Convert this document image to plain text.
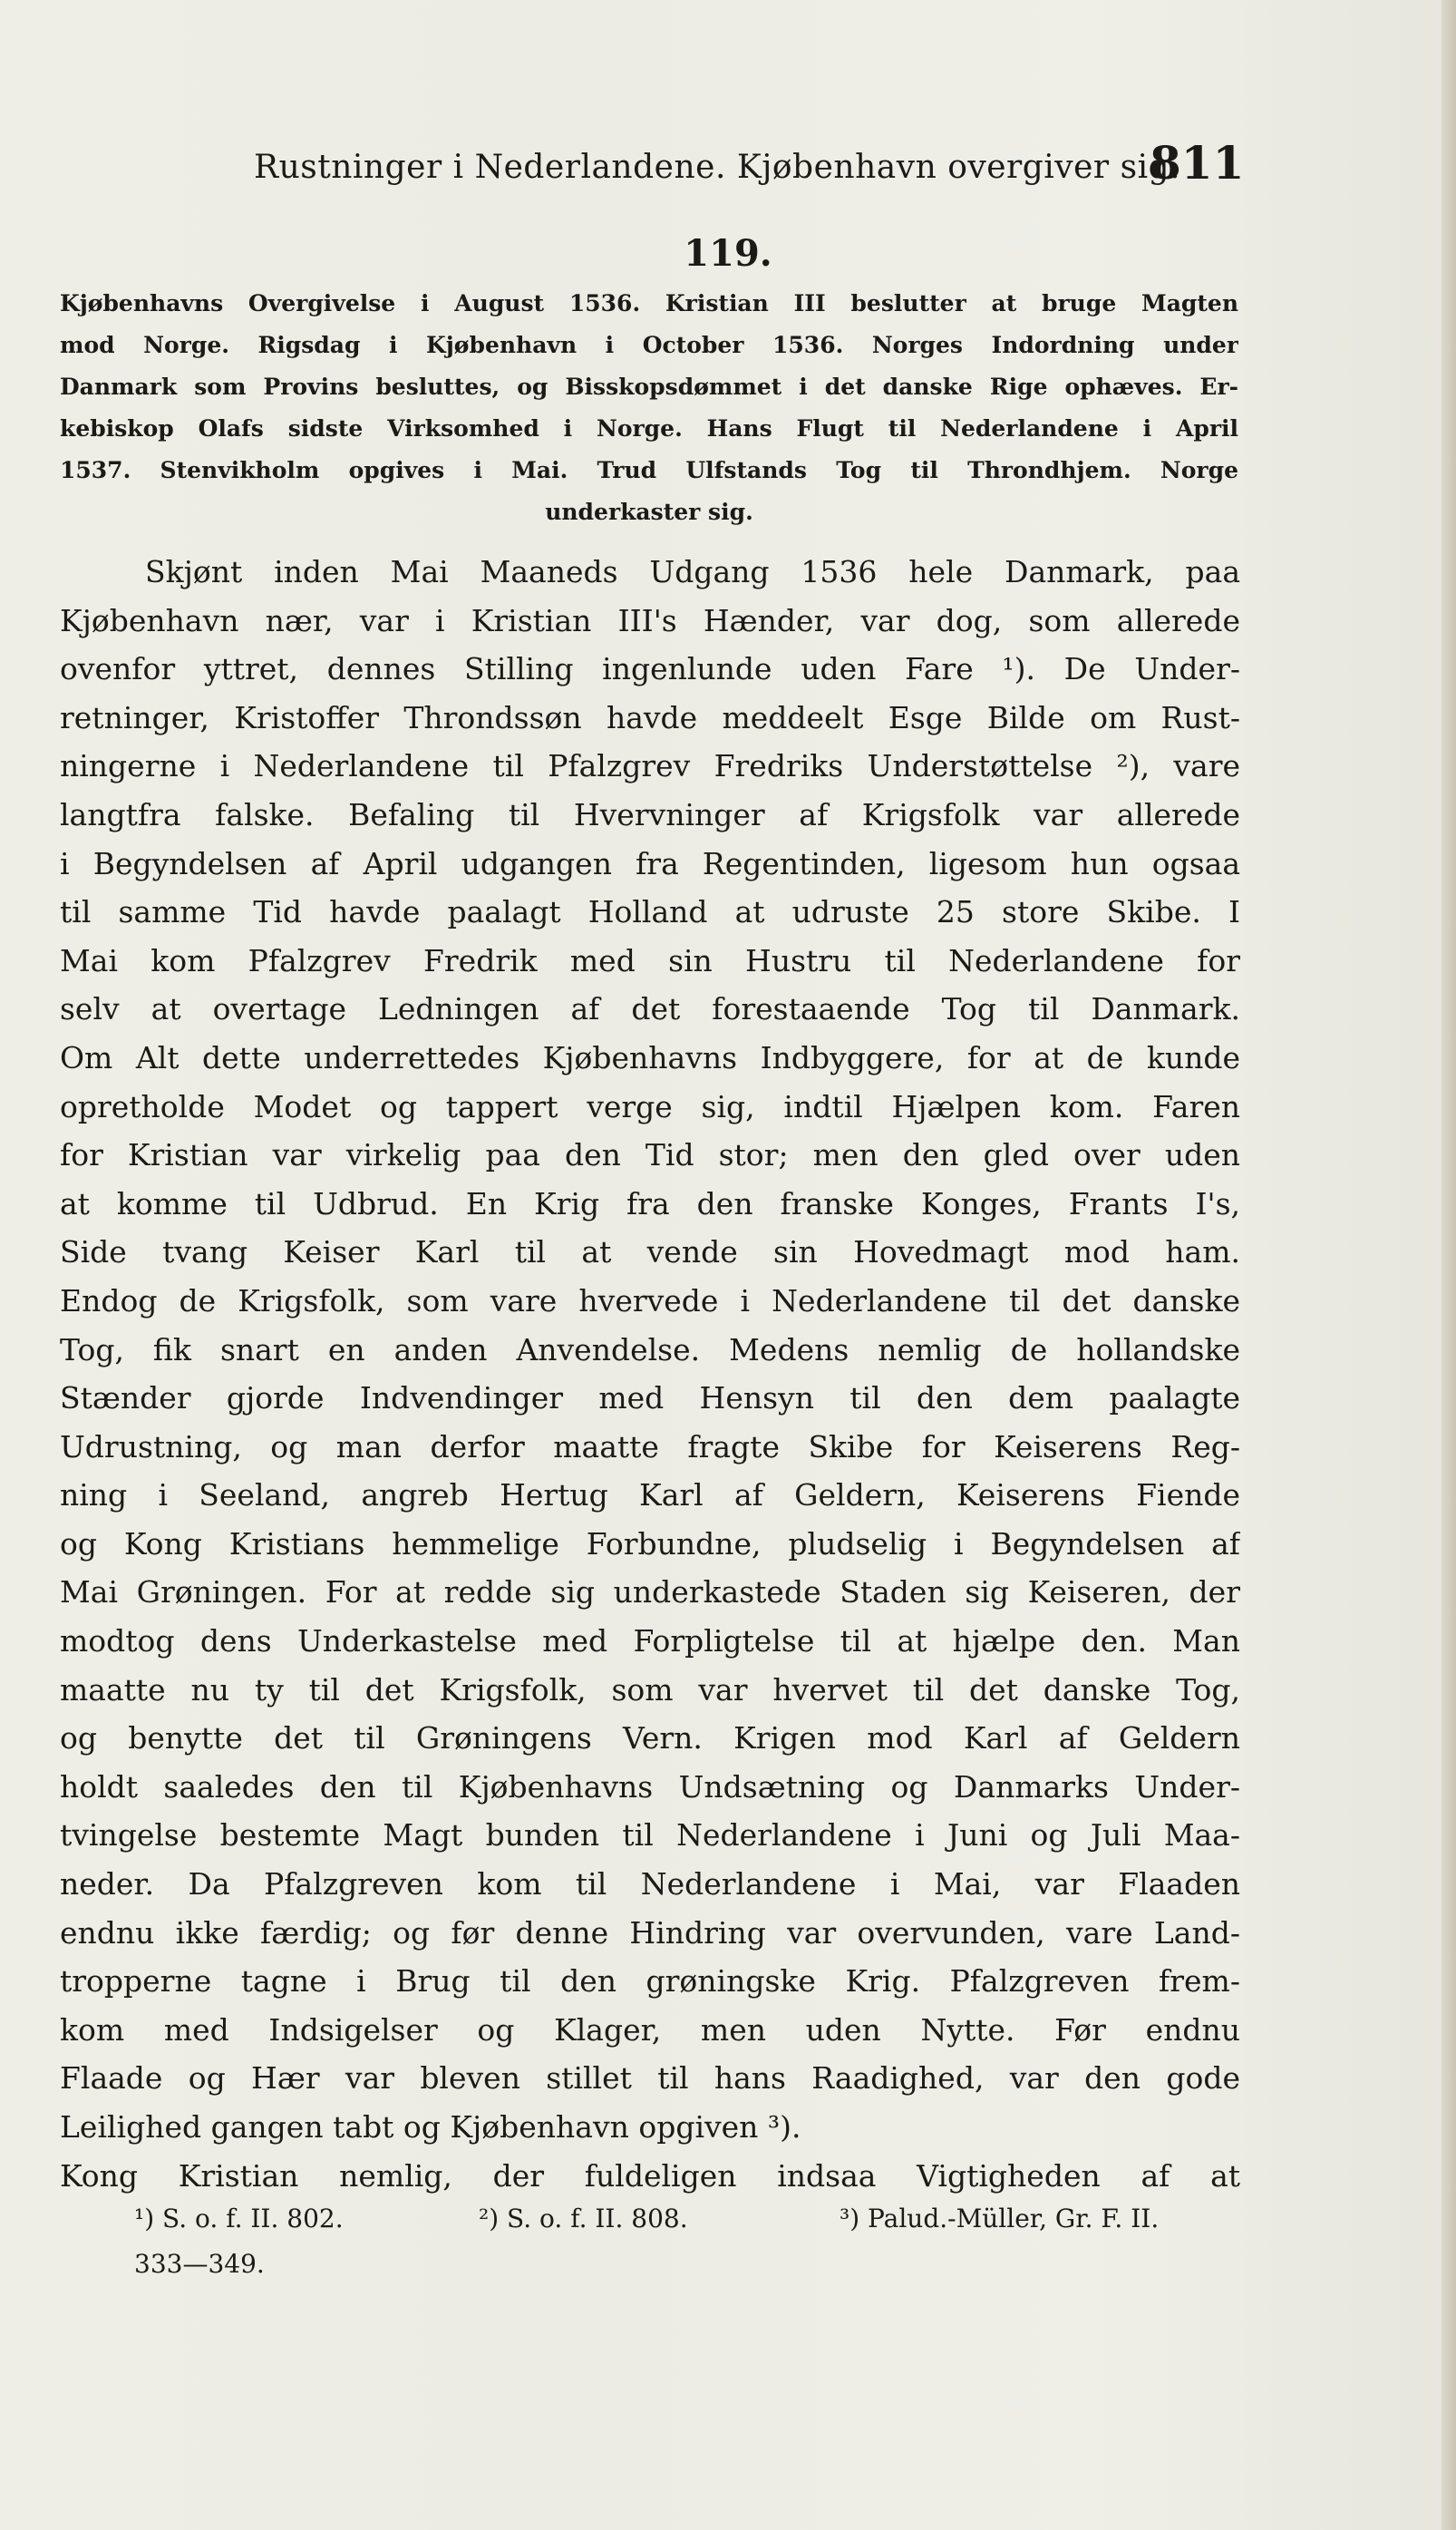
Rustninger i Nederlandene. Kjøbenhavn overgiver sig.
811
119.
Kjøbenhavns Overgivelse i August 1536. Kristian III beslutter at bruge Magten
mod Norge. Rigsdag i Kjøbenhavn i October 1536. Norges Indordning under
Danmark som Provins besluttes, og Bisskopsdømmet i det danske Rige ophæves. Er-
kebiskop Olafs sidste Virksomhed i Norge. Hans Flugt til Nederlandene i April
1537. Stenvikholm opgives i Mai. Trud Ulfstands Tog til Throndhjem. Norge
underkaster sig.
Skjønt inden Mai Maaneds Udgang 1536 hele Danmark, paa
Kjøbenhavn nær, var i Kristian III's Hænder, var dog, som allerede
ovenfor yttret, dennes Stilling ingenlunde uden Fare ¹). De Under-
retninger, Kristoffer Throndssøn havde meddeelt Esge Bilde om Rust-
ningerne i Nederlandene til Pfalzgrev Fredriks Understøttelse ²), vare
langtfra falske. Befaling til Hvervninger af Krigsfolk var allerede
i Begyndelsen af April udgangen fra Regentinden, ligesom hun ogsaa
til samme Tid havde paalagt Holland at udruste 25 store Skibe. I
Mai kom Pfalzgrev Fredrik med sin Hustru til Nederlandene for
selv at overtage Ledningen af det forestaaende Tog til Danmark.
Om Alt dette underrettedes Kjøbenhavns Indbyggere, for at de kunde
opretholde Modet og tappert verge sig, indtil Hjælpen kom. Faren
for Kristian var virkelig paa den Tid stor; men den gled over uden
at komme til Udbrud. En Krig fra den franske Konges, Frants I's,
Side tvang Keiser Karl til at vende sin Hovedmagt mod ham.
Endog de Krigsfolk, som vare hvervede i Nederlandene til det danske
Tog, fik snart en anden Anvendelse. Medens nemlig de hollandske
Stænder gjorde Indvendinger med Hensyn til den dem paalagte
Udrustning, og man derfor maatte fragte Skibe for Keiserens Reg-
ning i Seeland, angreb Hertug Karl af Geldern, Keiserens Fiende
og Kong Kristians hemmelige Forbundne, pludselig i Begyndelsen af
Mai Grøningen. For at redde sig underkastede Staden sig Keiseren, der
modtog dens Underkastelse med Forpligtelse til at hjælpe den. Man
maatte nu ty til det Krigsfolk, som var hvervet til det danske Tog,
og benytte det til Grøningens Vern. Krigen mod Karl af Geldern
holdt saaledes den til Kjøbenhavns Undsætning og Danmarks Under-
tvingelse bestemte Magt bunden til Nederlandene i Juni og Juli Maa-
neder. Da Pfalzgreven kom til Nederlandene i Mai, var Flaaden
endnu ikke færdig; og før denne Hindring var overvunden, vare Land-
tropperne tagne i Brug til den grøningske Krig. Pfalzgreven frem-
kom med Indsigelser og Klager, men uden Nytte. Før endnu
Flaade og Hær var bleven stillet til hans Raadighed, var den gode
Leilighed gangen tabt og Kjøbenhavn opgiven ³).
Kong Kristian nemlig, der fuldeligen indsaa Vigtigheden af at
¹) S. o. f. II. 802.	²) S. o. f. II. 808.	³) Palud.-Müller, Gr. F. II.
333—349.
